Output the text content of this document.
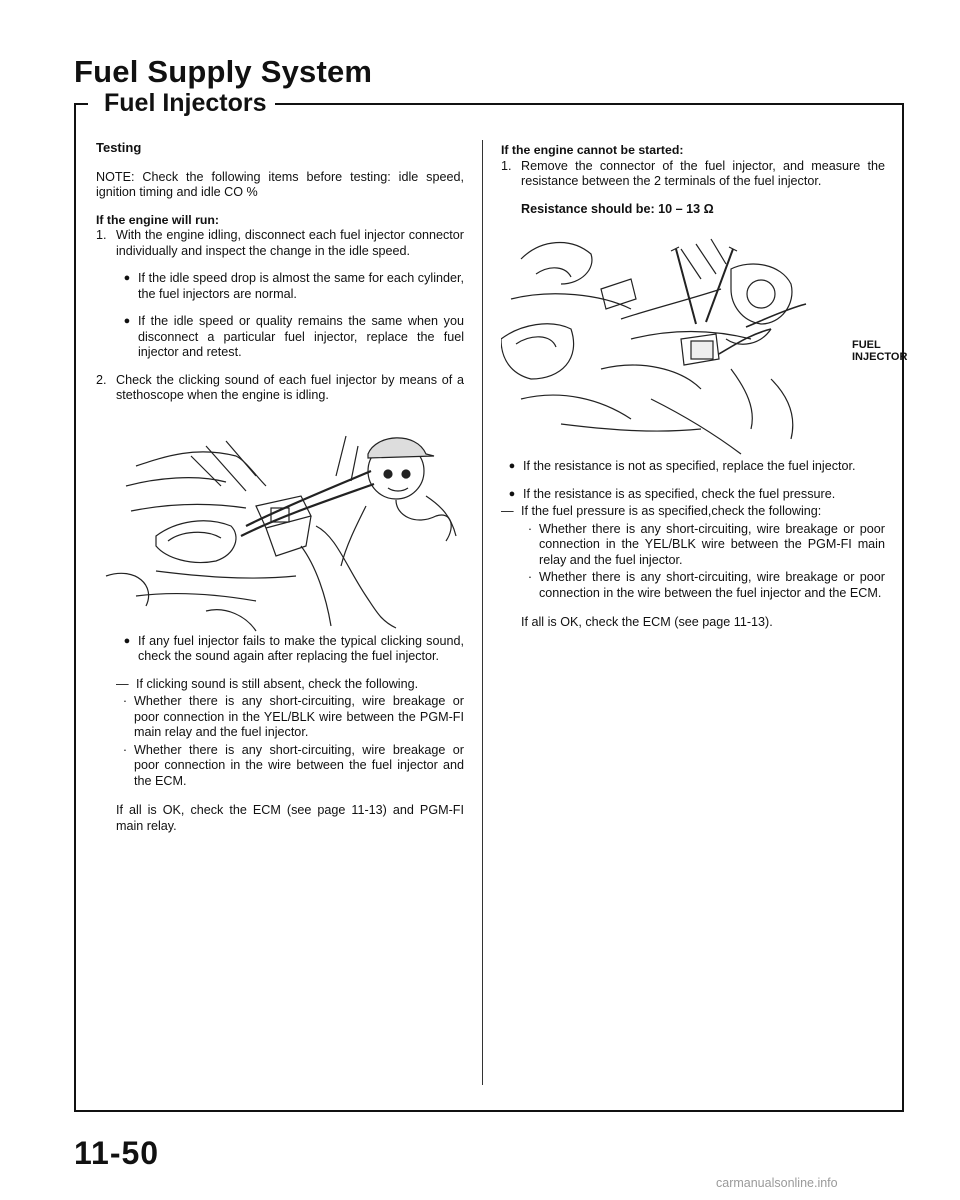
Fuel Supply System
Fuel Injectors

Testing

NOTE: Check the following items before testing: idle speed, ignition timing and idle CO %

If the engine will run:

1. With the engine idling, disconnect each fuel injector connector individually and inspect the change in the idle speed.
● If the idle speed drop is almost the same for each cylinder, the fuel injectors are normal.
● If the idle speed or quality remains the same when you disconnect a particular fuel injector, replace the fuel injector and retest.
2. Check the clicking sound of each fuel injector by means of a stethoscope when the engine is idling.
● If any fuel injector fails to make the typical clicking sound, check the sound again after replacing the fuel injector.
— If clicking sound is still absent, check the following.
· Whether there is any short-circuiting, wire breakage or poor connection in the YEL/BLK wire between the PGM-FI main relay and the fuel injector.
· Whether there is any short-circuiting, wire breakage or poor connection in the wire between the fuel injector and the ECM.

If all is OK, check the ECM (see page 11-13) and PGM-FI main relay.

If the engine cannot be started:

1. Remove the connector of the fuel injector, and measure the resistance between the 2 terminals of the fuel injector.

Resistance should be: 10 – 13 Ω

● If the resistance is not as specified, replace the fuel injector.
● If the resistance is as specified, check the fuel pressure.
— If the fuel pressure is as specified,check the following:
· Whether there is any short-circuiting, wire breakage or poor connection in the YEL/BLK wire between the PGM-FI main relay and the fuel injector.
· Whether there is any short-circuiting, wire breakage or poor connection in the wire between the fuel injector and the ECM.

If all is OK, check the ECM (see page 11-13).

FUEL
INJECTOR
11-50
carmanualsonline.info
